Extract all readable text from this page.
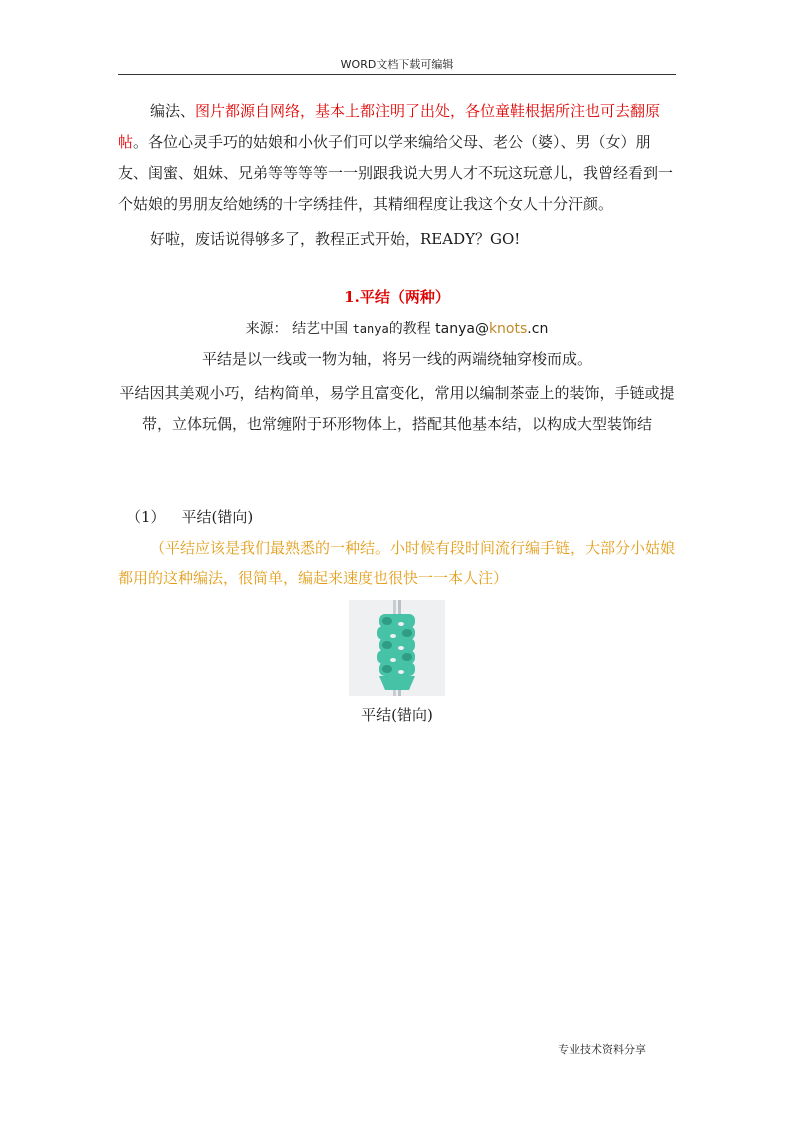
WORD文档下载可编辑

编法、图片都源自网络，基本上都注明了出处，各位童鞋根据所注也可去翻原帖。各位心灵手巧的姑娘和小伙子们可以学来编给父母、老公（婆）、男（女）朋友、闺蜜、姐妹、兄弟等等等等一一别跟我说大男人才不玩这玩意儿，我曾经看到一个姑娘的男朋友给她绣的十字绣挂件，其精细程度让我这个女人十分汗颜。

好啦，废话说得够多了，教程正式开始，READY？GO!

1.平结（两种）
来源： 结艺中国 tanya的教程 tanya@knots.cn
平结是以一线或一物为轴，将另一线的两端绕轴穿梭而成。

平结因其美观小巧，结构简单，易学且富变化，常用以编制茶壶上的装饰，手链或提带，立体玩偶，也常缠附于环形物体上，搭配其他基本结，以构成大型装饰结

（1） 平结(错向)

（平结应该是我们最熟悉的一种结。小时候有段时间流行编手链，大部分小姑娘都用的这种编法，很简单，编起来速度也很快一一本人注）

平结(错向)
专业技术资料分享
